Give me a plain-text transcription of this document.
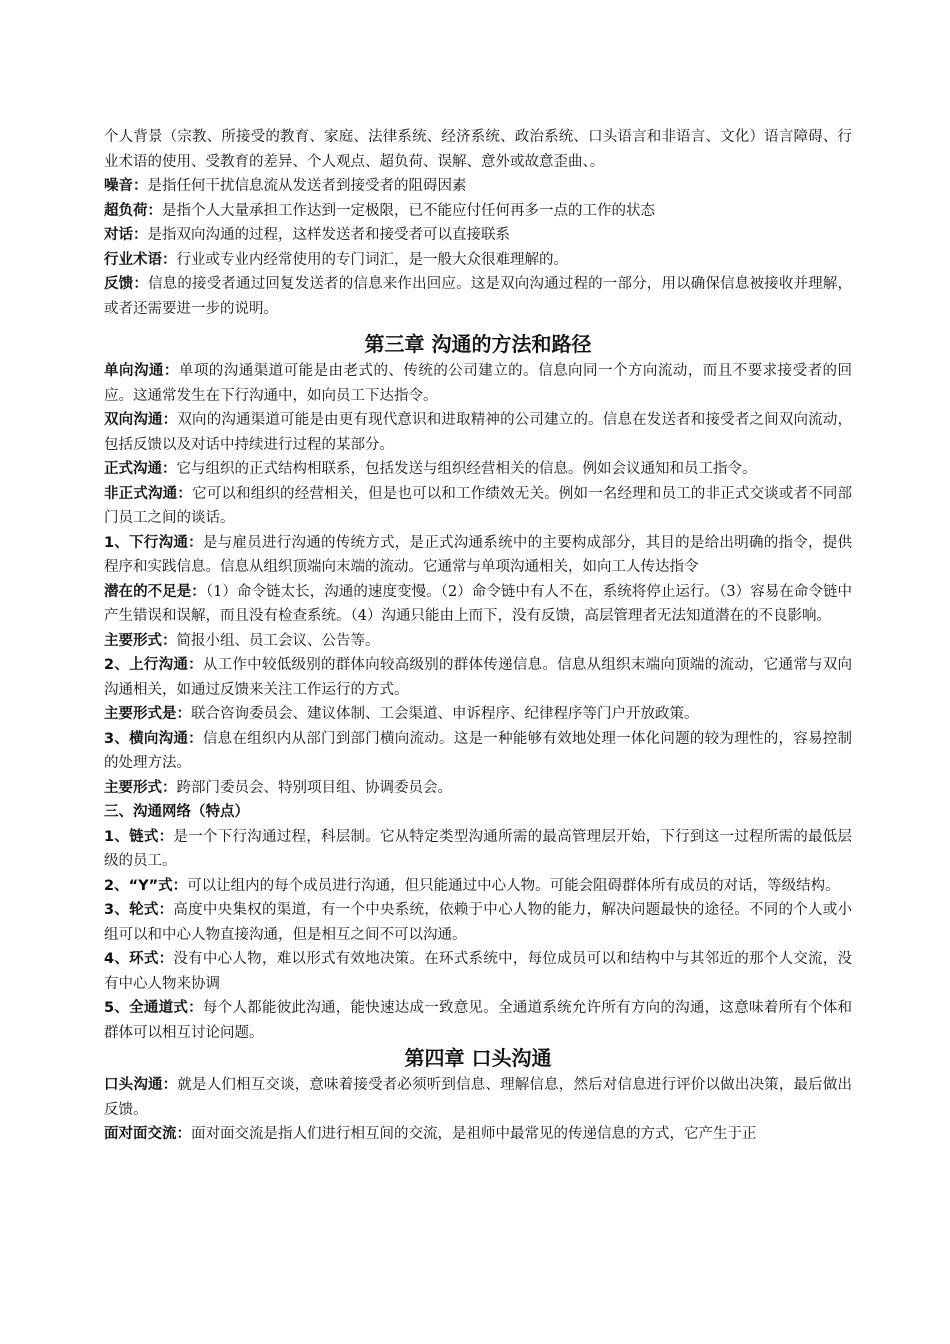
个人背景（宗教、所接受的教育、家庭、法律系统、经济系统、政治系统、口头语言和非语言、文化）语言障碍、行业术语的使用、受教育的差异、个人观点、超负荷、误解、意外或故意歪曲、。

噪音：是指任何干扰信息流从发送者到接受者的阻碍因素

超负荷：是指个人大量承担工作达到一定极限，已不能应付任何再多一点的工作的状态

对话：是指双向沟通的过程，这样发送者和接受者可以直接联系

行业术语：行业或专业内经常使用的专门词汇，是一般大众很难理解的。

反馈：信息的接受者通过回复发送者的信息来作出回应。这是双向沟通过程的一部分，用以确保信息被接收并理解，或者还需要进一步的说明。

第三章 沟通的方法和路径

单向沟通：单项的沟通渠道可能是由老式的、传统的公司建立的。信息向同一个方向流动，而且不要求接受者的回应。这通常发生在下行沟通中，如向员工下达指令。

双向沟通：双向的沟通渠道可能是由更有现代意识和进取精神的公司建立的。信息在发送者和接受者之间双向流动，包括反馈以及对话中持续进行过程的某部分。

正式沟通：它与组织的正式结构相联系，包括发送与组织经营相关的信息。例如会议通知和员工指令。

非正式沟通：它可以和组织的经营相关，但是也可以和工作绩效无关。例如一名经理和员工的非正式交谈或者不同部门员工之间的谈话。

1、下行沟通：是与雇员进行沟通的传统方式，是正式沟通系统中的主要构成部分，其目的是给出明确的指令，提供程序和实践信息。信息从组织顶端向末端的流动。它通常与单项沟通相关，如向工人传达指令

潜在的不足是：（1）命令链太长，沟通的速度变慢。（2）命令链中有人不在，系统将停止运行。（3）容易在命令链中产生错误和误解，而且没有检查系统。（4）沟通只能由上而下，没有反馈，高层管理者无法知道潜在的不良影响。

主要形式：简报小组、员工会议、公告等。

2、上行沟通：从工作中较低级别的群体向较高级别的群体传递信息。信息从组织末端向顶端的流动，它通常与双向沟通相关，如通过反馈来关注工作运行的方式。

主要形式是：联合咨询委员会、建议体制、工会渠道、申诉程序、纪律程序等门户开放政策。

3、横向沟通：信息在组织内从部门到部门横向流动。这是一种能够有效地处理一体化问题的较为理性的，容易控制的处理方法。

主要形式：跨部门委员会、特别项目组、协调委员会。

三、沟通网络（特点）

1、链式：是一个下行沟通过程，科层制。它从特定类型沟通所需的最高管理层开始，下行到这一过程所需的最低层级的员工。

2、“Y”式：可以让组内的每个成员进行沟通，但只能通过中心人物。可能会阻碍群体所有成员的对话，等级结构。

3、轮式：高度中央集权的渠道，有一个中央系统，依赖于中心人物的能力，解决问题最快的途径。不同的个人或小组可以和中心人物直接沟通，但是相互之间不可以沟通。

4、环式：没有中心人物，难以形式有效地决策。在环式系统中，每位成员可以和结构中与其邻近的那个人交流，没有中心人物来协调

5、全通道式：每个人都能彼此沟通，能快速达成一致意见。全通道系统允许所有方向的沟通，这意味着所有个体和群体可以相互讨论问题。

第四章 口头沟通

口头沟通：就是人们相互交谈，意味着接受者必须听到信息、理解信息，然后对信息进行评价以做出决策，最后做出反馈。

面对面交流：面对面交流是指人们进行相互间的交流，是祖师中最常见的传递信息的方式，它产生于正
